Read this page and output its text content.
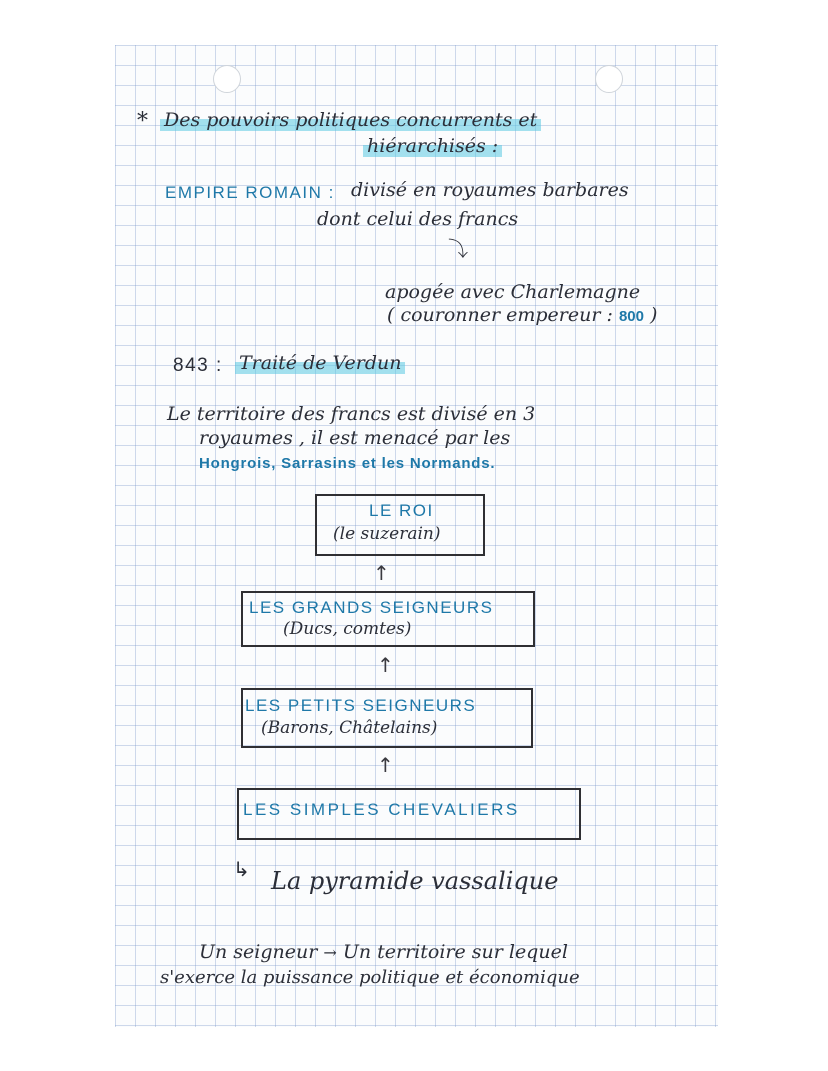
* Des pouvoirs politiques concurrents et
hiérarchisés :
EMPIRE ROMAIN : divisé en royaumes barbares
dont celui des francs
⤵
apogée avec Charlemagne
( couronner empereur : 800 )
843 : Traité de Verdun
Le territoire des francs est divisé en 3
royaumes , il est menacé par les
Hongrois, Sarrasins et les Normands.
LE ROI
(le suzerain)
↑
LES GRANDS SEIGNEURS
(Ducs, comtes)
↑
LES PETITS SEIGNEURS
(Barons, Châtelains)
↑
LES SIMPLES CHEVALIERS
↳ La pyramide vassalique
Un seigneur → Un territoire sur lequel
s'exerce la puissance politique et économique
